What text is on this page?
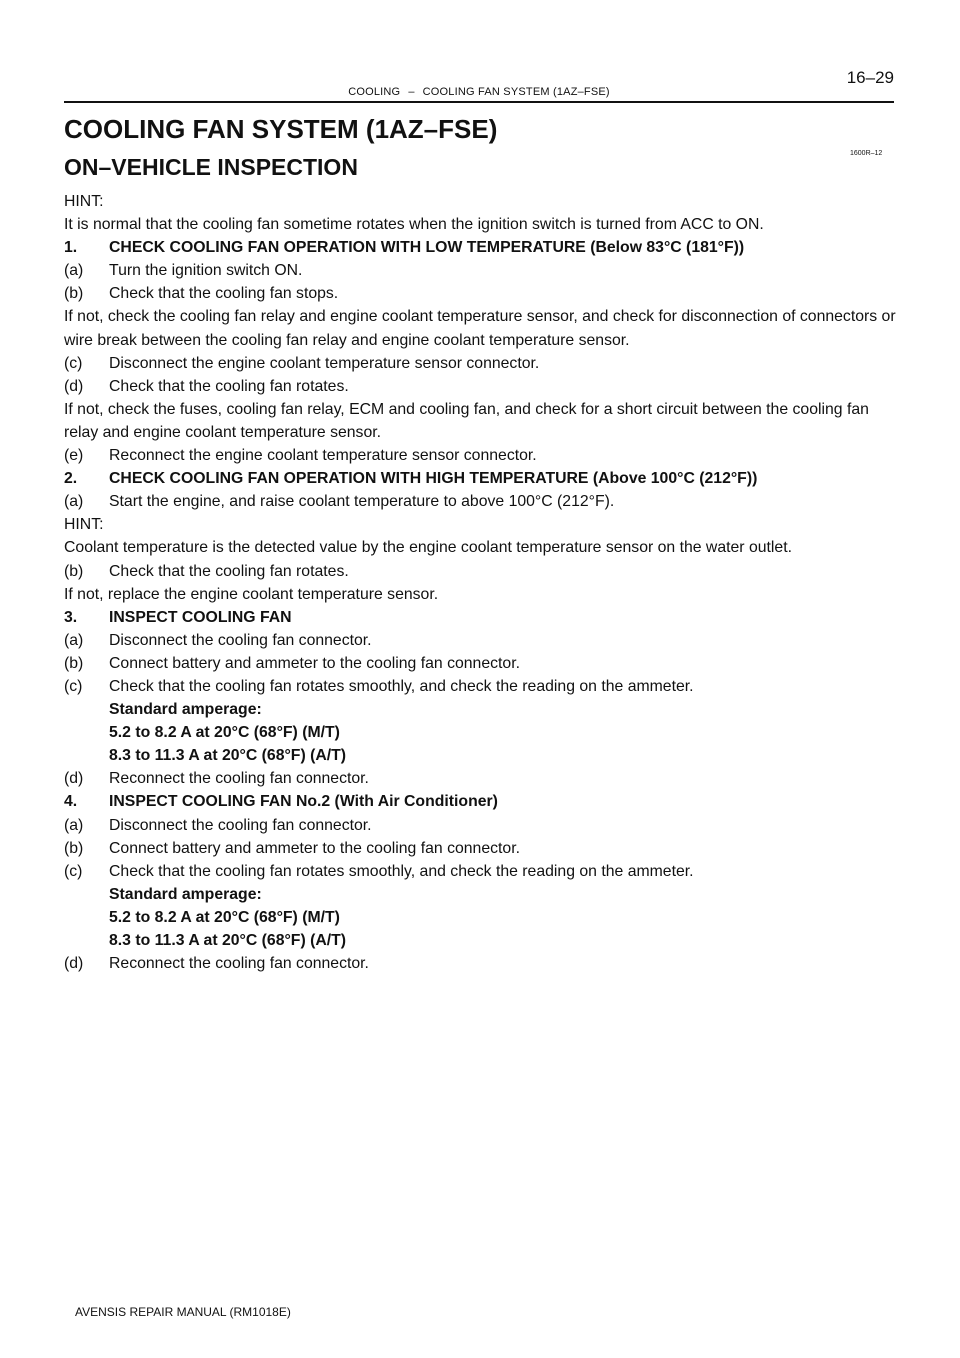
COOLING – COOLING FAN SYSTEM (1AZ–FSE)
16–29
COOLING FAN SYSTEM (1AZ–FSE)
ON–VEHICLE INSPECTION
1600R–12
HINT:
It is normal that the cooling fan sometime rotates when the ignition switch is turned from ACC to ON.
1.	CHECK COOLING FAN OPERATION WITH LOW TEMPERATURE (Below 83°C (181°F))
(a)	Turn the ignition switch ON.
(b)	Check that the cooling fan stops.
If not, check the cooling fan relay and engine coolant temperature sensor, and check for disconnection of connectors or wire break between the cooling fan relay and engine coolant temperature sensor.
(c)	Disconnect the engine coolant temperature sensor connector.
(d)	Check that the cooling fan rotates.
If not, check the fuses, cooling fan relay, ECM and cooling fan, and check for a short circuit between the cooling fan relay and engine coolant temperature sensor.
(e)	Reconnect the engine coolant temperature sensor connector.
2.	CHECK COOLING FAN OPERATION WITH HIGH TEMPERATURE (Above 100°C (212°F))
(a)	Start the engine, and raise coolant temperature to above 100°C (212°F).
HINT:
Coolant temperature is the detected value by the engine coolant temperature sensor on the water outlet.
(b)	Check that the cooling fan rotates.
If not, replace the engine coolant temperature sensor.
3.	INSPECT COOLING FAN
(a)	Disconnect the cooling fan connector.
(b)	Connect battery and ammeter to the cooling fan connector.
(c)	Check that the cooling fan rotates smoothly, and check the reading on the ammeter.
Standard amperage:
5.2 to 8.2 A at 20°C (68°F) (M/T)
8.3 to 11.3 A at 20°C (68°F) (A/T)
(d)	Reconnect the cooling fan connector.
4.	INSPECT COOLING FAN No.2 (With Air Conditioner)
(a)	Disconnect the cooling fan connector.
(b)	Connect battery and ammeter to the cooling fan connector.
(c)	Check that the cooling fan rotates smoothly, and check the reading on the ammeter.
Standard amperage:
5.2 to 8.2 A at 20°C (68°F) (M/T)
8.3 to 11.3 A at 20°C (68°F) (A/T)
(d)	Reconnect the cooling fan connector.
AVENSIS REPAIR MANUAL (RM1018E)
